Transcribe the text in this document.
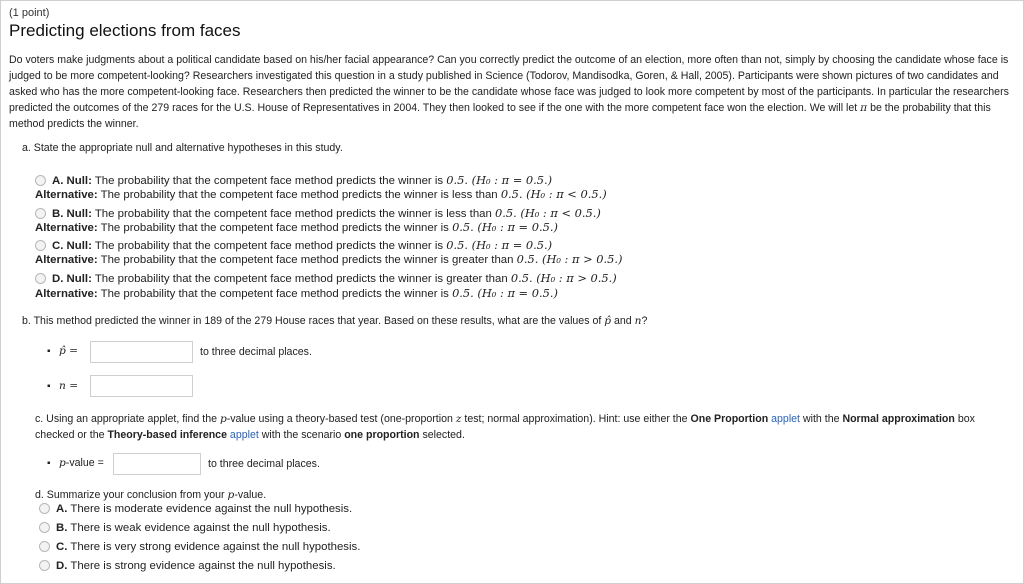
(1 point)
Predicting elections from faces
Do voters make judgments about a political candidate based on his/her facial appearance? Can you correctly predict the outcome of an election, more often than not, simply by choosing the candidate whose face is judged to be more competent-looking? Researchers investigated this question in a study published in Science (Todorov, Mandisodka, Goren, & Hall, 2005). Participants were shown pictures of two candidates and asked who has the more competent-looking face. Researchers then predicted the winner to be the candidate whose face was judged to look more competent by most of the participants. In particular the researchers predicted the outcomes of the 279 races for the U.S. House of Representatives in 2004. They then looked to see if the one with the more competent face won the election. We will let π be the probability that this method predicts the winner.
a. State the appropriate null and alternative hypotheses in this study.
A. Null: The probability that the competent face method predicts the winner is 0.5. (H₀ : π = 0.5.)
Alternative: The probability that the competent face method predicts the winner is less than 0.5. (H₀ : π < 0.5.)
B. Null: The probability that the competent face method predicts the winner is less than 0.5. (H₀ : π < 0.5.)
Alternative: The probability that the competent face method predicts the winner is 0.5. (H₀ : π = 0.5.)
C. Null: The probability that the competent face method predicts the winner is 0.5. (H₀ : π = 0.5.)
Alternative: The probability that the competent face method predicts the winner is greater than 0.5. (H₀ : π > 0.5.)
D. Null: The probability that the competent face method predicts the winner is greater than 0.5. (H₀ : π > 0.5.)
Alternative: The probability that the competent face method predicts the winner is 0.5. (H₀ : π = 0.5.)
b. This method predicted the winner in 189 of the 279 House races that year. Based on these results, what are the values of p̂ and n?
▪ p̂ =	to three decimal places.
▪ n =
c. Using an appropriate applet, find the p-value using a theory-based test (one-proportion z test; normal approximation). Hint: use either the One Proportion applet with the Normal approximation box
checked or the Theory-based inference applet with the scenario one proportion selected.
▪ p-value =	to three decimal places.
d. Summarize your conclusion from your p-value.
A. There is moderate evidence against the null hypothesis.
B. There is weak evidence against the null hypothesis.
C. There is very strong evidence against the null hypothesis.
D. There is strong evidence against the null hypothesis.
